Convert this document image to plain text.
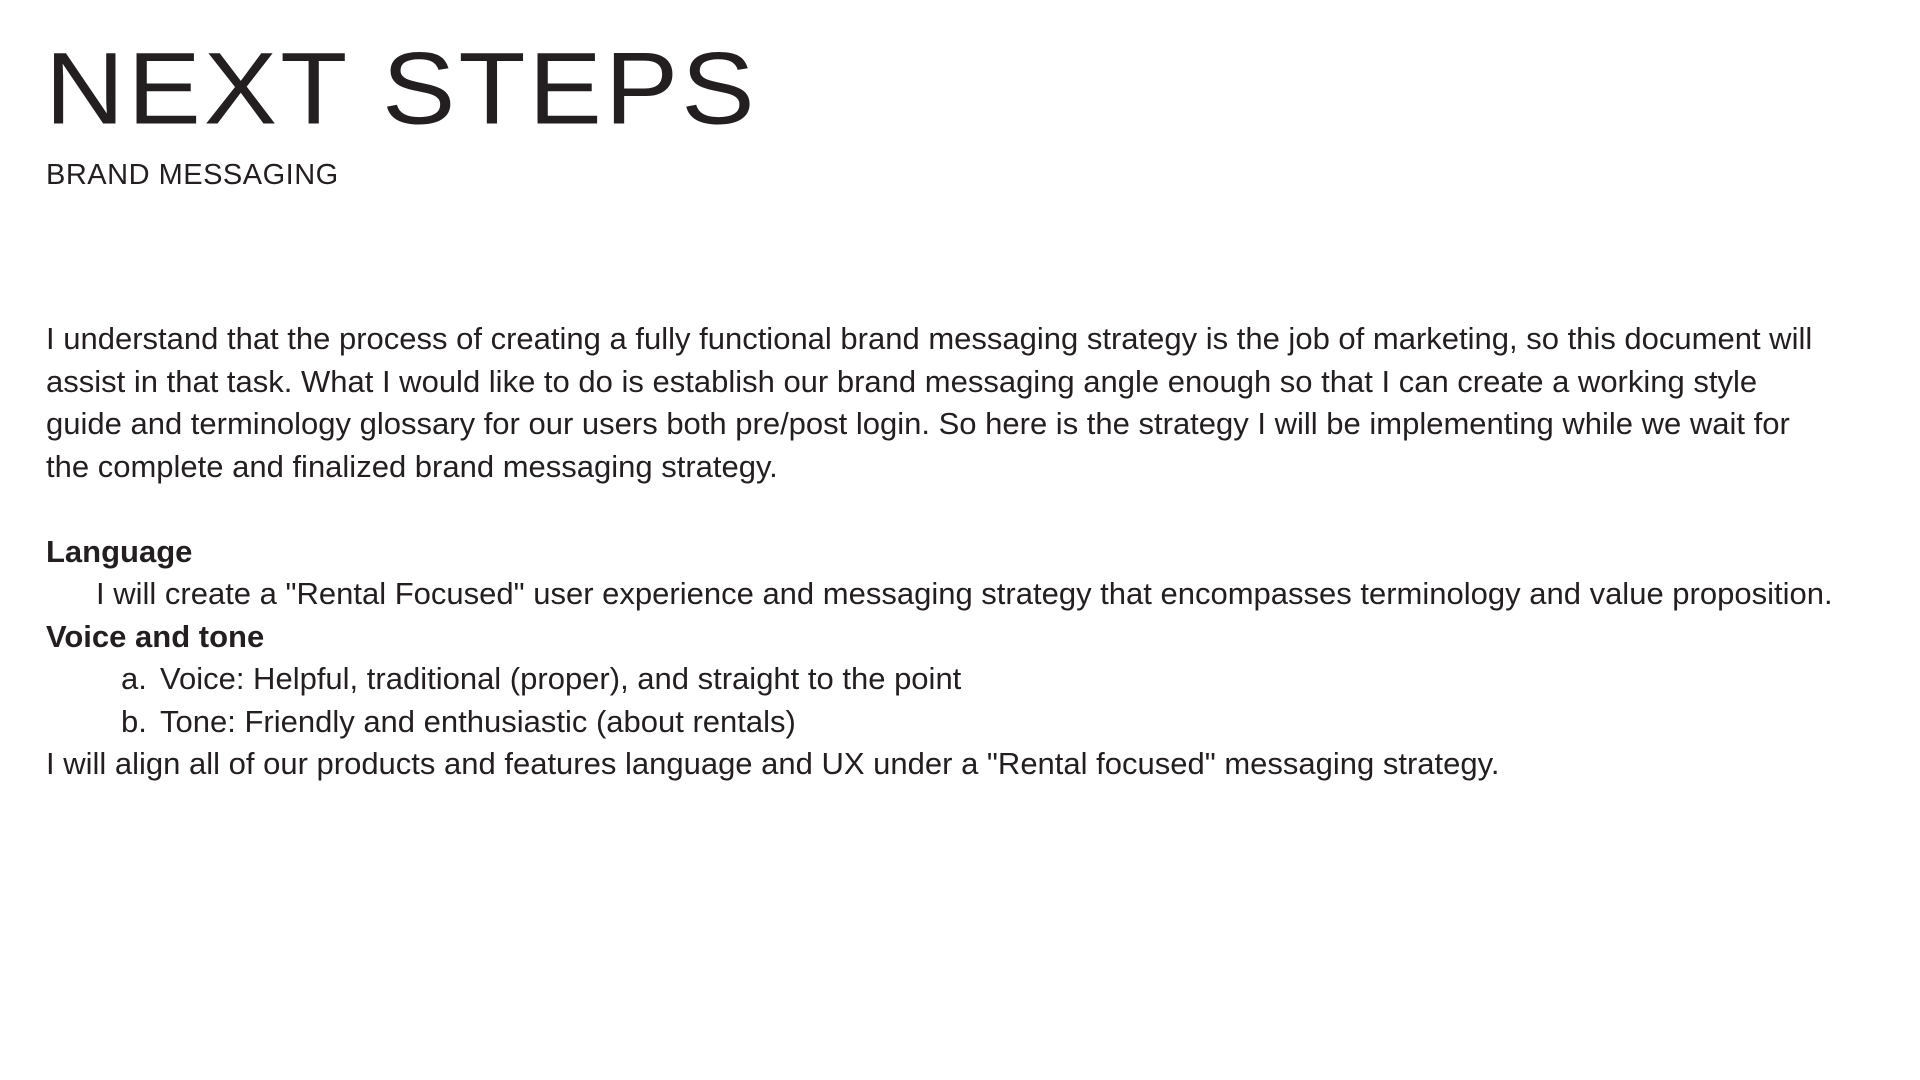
NEXT STEPS
BRAND MESSAGING

I understand that the process of creating a fully functional brand messaging strategy is the job of marketing, so this document will assist in that task. What I would like to do is establish our brand messaging angle enough so that I can create a working style guide and terminology glossary for our users both pre/post login. So here is the strategy I will be implementing while we wait for the complete and finalized brand messaging strategy.

Language

I will create a "Rental Focused" user experience and messaging strategy that encompasses terminology and value proposition.

Voice and tone

a. Voice: Helpful, traditional (proper), and straight to the point
b. Tone: Friendly and enthusiastic (about rentals)

I will align all of our products and features language and UX under a "Rental focused" messaging strategy.
